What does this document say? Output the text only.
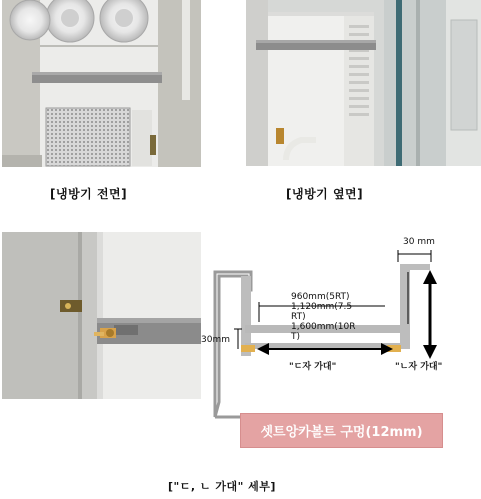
[냉방기 전면]	[냉방기 옆면]
30 mm
30mm
960mm(5RT)
1,120mm(7.5
RT)
1,600mm(10R
T)
"ㄷ자 가대"	"ㄴ자 가대"
셋트앙카볼트 구멍(12mm)
["ㄷ, ㄴ 가대" 세부]
